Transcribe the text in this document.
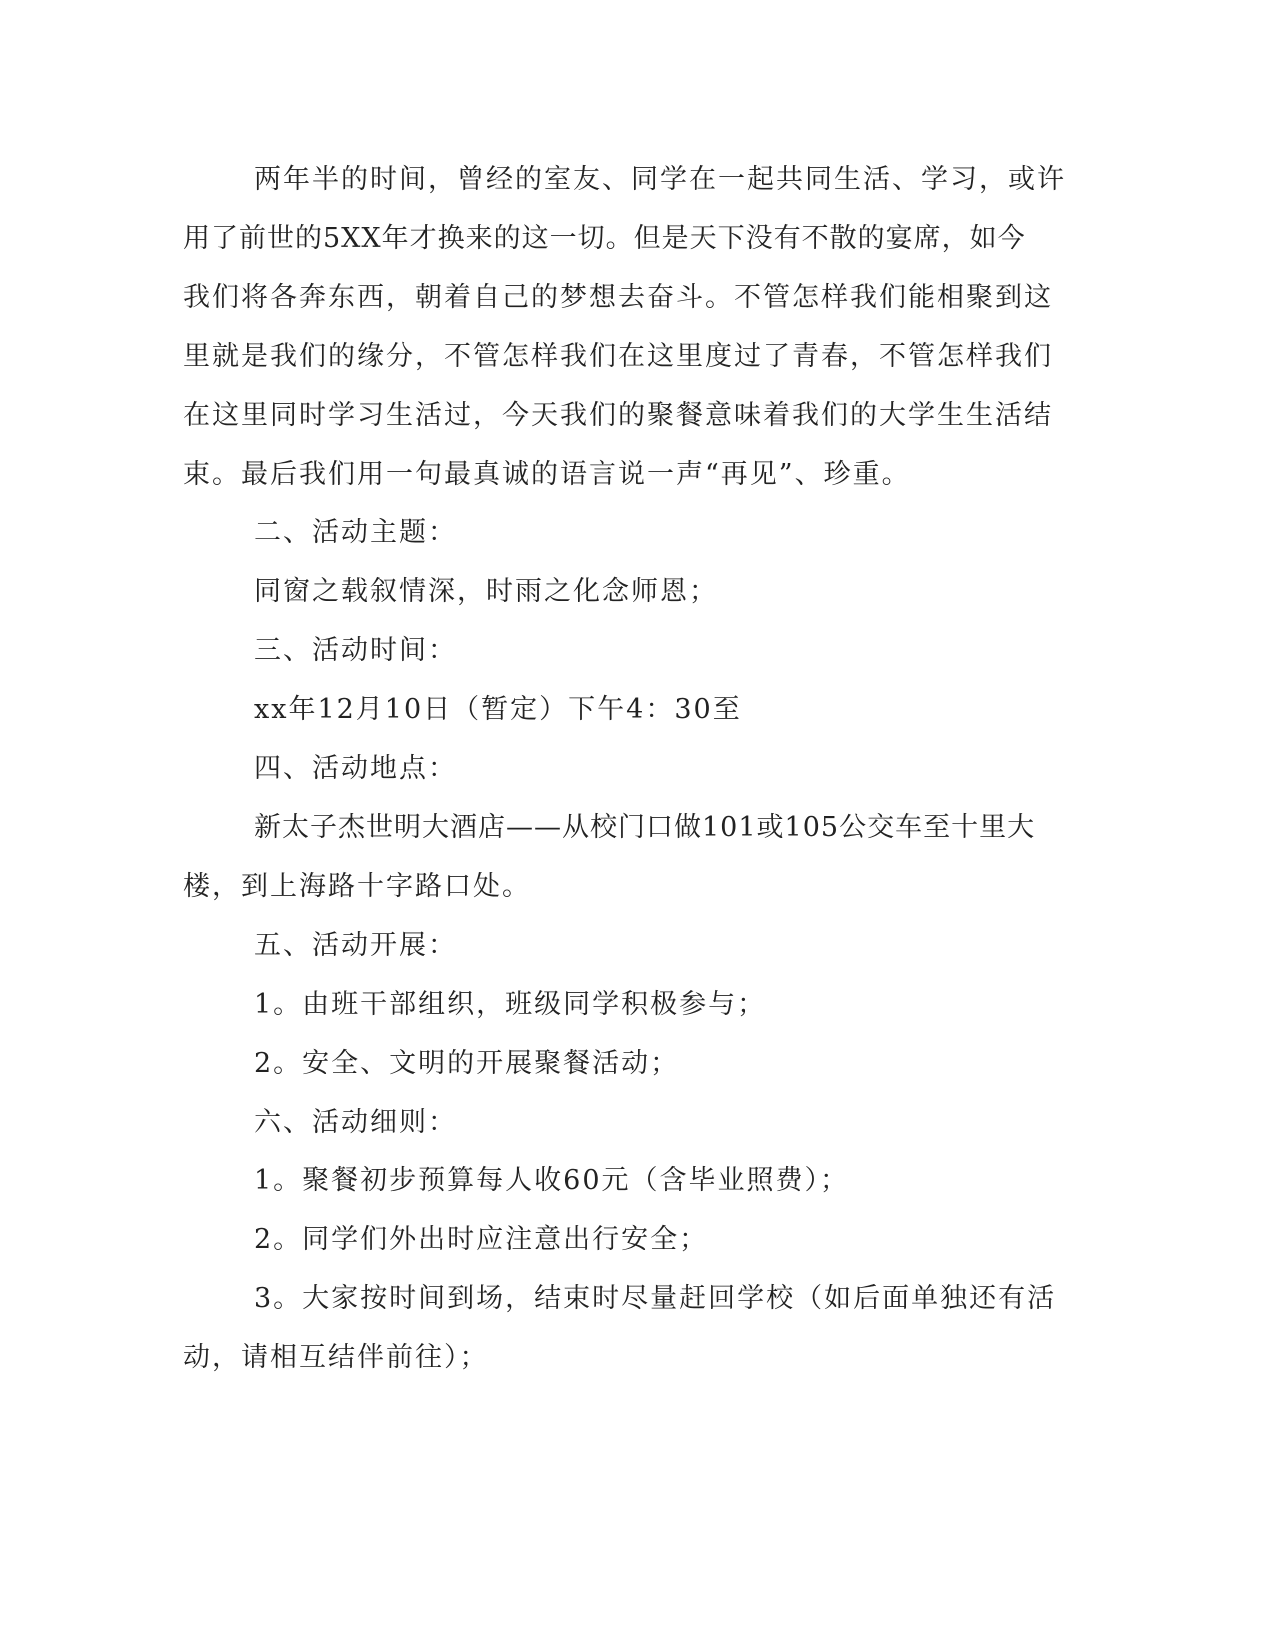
两年半的时间，曾经的室友、同学在一起共同生活、学习，或许

用了前世的5XX年才换来的这一切。但是天下没有不散的宴席，如今

我们将各奔东西，朝着自己的梦想去奋斗。不管怎样我们能相聚到这

里就是我们的缘分，不管怎样我们在这里度过了青春，不管怎样我们

在这里同时学习生活过，今天我们的聚餐意味着我们的大学生生活结

束。最后我们用一句最真诚的语言说一声“再见”、珍重。

二、活动主题：

同窗之载叙情深，时雨之化念师恩；

三、活动时间：

xx年12月10日（暂定）下午4：30至

四、活动地点：

新太子杰世明大酒店——从校门口做101或105公交车至十里大

楼，到上海路十字路口处。

五、活动开展：

1。由班干部组织，班级同学积极参与；

2。安全、文明的开展聚餐活动；

六、活动细则：

1。聚餐初步预算每人收60元（含毕业照费）；

2。同学们外出时应注意出行安全；

3。大家按时间到场，结束时尽量赶回学校（如后面单独还有活

动，请相互结伴前往）；
